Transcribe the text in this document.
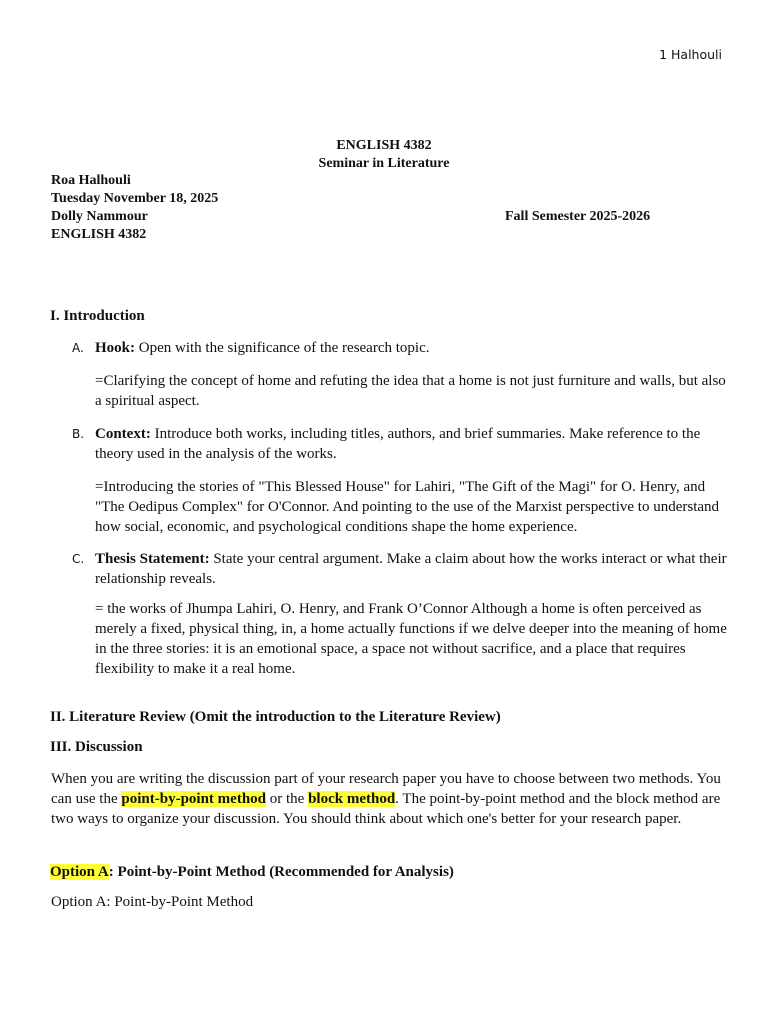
1 Halhouli
ENGLISH 4382
Seminar in Literature
Roa Halhouli
Tuesday November 18, 2025
Dolly Nammour
ENGLISH 4382
Fall Semester 2025-2026
I. Introduction
A. Hook: Open with the significance of the research topic.
=Clarifying the concept of home and refuting the idea that a home is not just furniture and walls, but also a spiritual aspect.
B. Context: Introduce both works, including titles, authors, and brief summaries. Make reference to the theory used in the analysis of the works.
=Introducing the stories of "This Blessed House" for Lahiri, "The Gift of the Magi" for O. Henry, and "The Oedipus Complex" for O'Connor. And pointing to the use of the Marxist perspective to understand how social, economic, and psychological conditions shape the home experience.
C. Thesis Statement: State your central argument. Make a claim about how the works interact or what their relationship reveals.
= the works of Jhumpa Lahiri, O. Henry, and Frank O’Connor Although a home is often perceived as merely a fixed, physical thing, in, a home actually functions if we delve deeper into the meaning of home in the three stories: it is an emotional space, a space not without sacrifice, and a place that requires flexibility to make it a real home.
II. Literature Review (Omit the introduction to the Literature Review)
III. Discussion
When you are writing the discussion part of your research paper you have to choose between two methods. You can use the point-by-point method or the block method. The point-by-point method and the block method are two ways to organize your discussion. You should think about which one's better for your research paper.
Option A: Point-by-Point Method (Recommended for Analysis)
Option A: Point-by-Point Method
